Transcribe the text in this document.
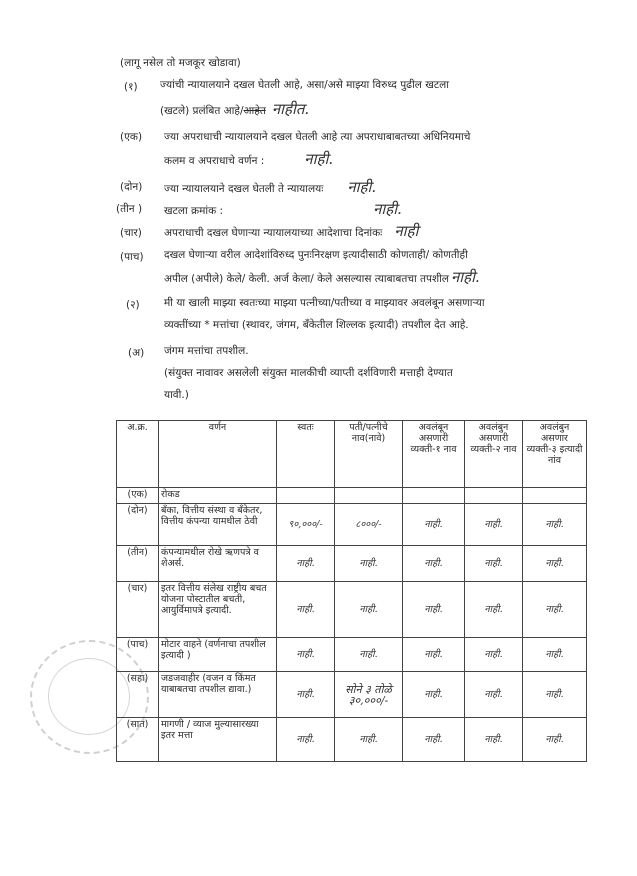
(लागू नसेल तो मजकूर खोडावा)
(१) ज्यांची न्यायालयाने दखल घेतली आहे, असा/असे माझ्या विरुध्द पुढील खटला
(खटले) प्रलंबित आहे/आहेत नाहीत.
(एक) ज्या अपराधाची न्यायालयाने दखल घेतली आहे त्या अपराधाबाबतच्या अधिनियमाचे
कलम व अपराधाचे वर्णन :	नाही.
(दोन) ज्या न्यायालयाने दखल घेतली ते न्यायालयः नाही.
(तीन ) खटला क्रमांक :	नाही.
(चार) अपराधाची दखल घेणाऱ्या न्यायालयाच्या आदेशाचा दिनांकः नाही
(पाच) दखल घेणाऱ्या वरील आदेशांविरुध्द पुनःनिरक्षण इत्यादीसाठी कोणताही/ कोणतीही
अपील (अपीले) केले/ केली. अर्ज केला/ केले असल्यास त्याबाबतचा तपशील नाही.
(२) मी या खाली माझ्या स्वतःच्या माझ्या पत्नीच्या/पतीच्या व माझ्यावर अवलंबून असणाऱ्या
व्यक्तींच्या * मत्तांचा (स्थावर, जंगम, बँकेतील शिल्लक इत्यादी) तपशील देत आहे.
(अ) जंगम मत्तांचा तपशील.
(संयुक्त नावावर असलेली संयुक्त मालकीची व्याप्ती दर्शविणारी मत्ताही देण्यात
यावी.)
अ.क्र.	वर्णन	स्वतः	पती/पत्नीचे नाव(नावे)	अवलंबून असणारी व्यक्ती-१ नाव	अवलंबुन असणारी व्यक्ती-२ नाव	अवलंबुन असणार व्यक्ती-३ इत्यादी नांव
(एक)	रोकड					
(दोन)	बँका, वित्तीय संस्था व बँकेतर, वित्तीय कंपन्या यामधील ठेवी	९०,०००/-	८०००/-	नाही.	नाही.	नाही.
(तीन)	कंपन्यामधील रोखे ऋणपत्रे व शेअर्स.	नाही.	नाही.	नाही.	नाही.	नाही.
(चार)	इतर वित्तीय संलेख राष्ट्रीय बचत योजना पोस्टातील बचती, आयुर्विमापत्रे इत्यादी.	नाही.	नाही.	नाही.	नाही.	नाही.
(पाच)	मोटार वाहने (वर्णनाचा तपशील इत्यादी )	नाही.	नाही.	नाही.	नाही.	नाही.
(सहा)	जडजवाहीर (वजन व किंमत याबाबतचा तपशील द्यावा.)	नाही.	सोने ३ तोळे ३०,०००/-	नाही.	नाही.	नाही.
(सात)	मागणी / व्याज मुल्यासारख्या इतर मत्ता	नाही.	नाही.	नाही.	नाही.	नाही.
